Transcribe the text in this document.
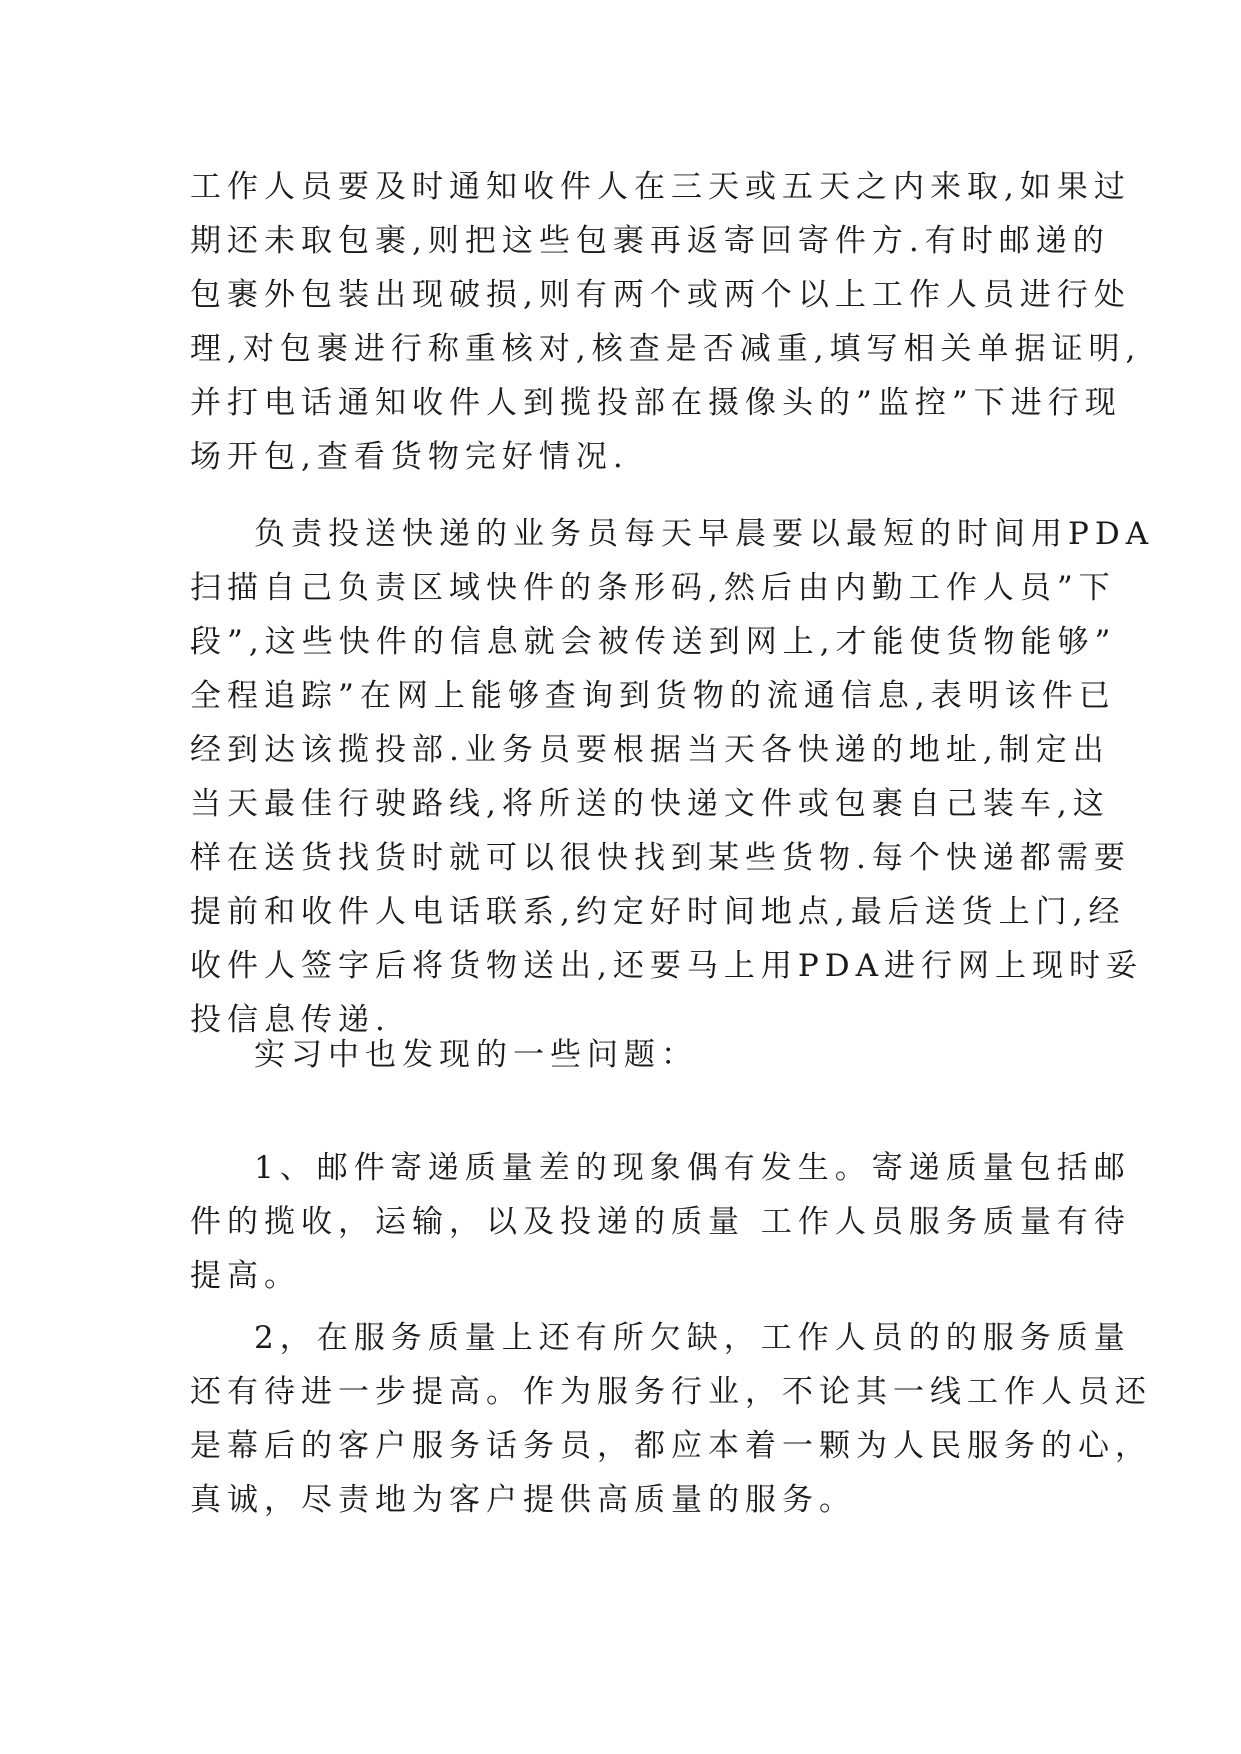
工作人员要及时通知收件人在三天或五天之内来取,如果过
期还未取包裹,则把这些包裹再返寄回寄件方.有时邮递的
包裹外包装出现破损,则有两个或两个以上工作人员进行处
理,对包裹进行称重核对,核查是否减重,填写相关单据证明,
并打电话通知收件人到揽投部在摄像头的”监控”下进行现
场开包,查看货物完好情况.
负责投送快递的业务员每天早晨要以最短的时间用PDA
扫描自己负责区域快件的条形码,然后由内勤工作人员”下
段”,这些快件的信息就会被传送到网上,才能使货物能够”
全程追踪”在网上能够查询到货物的流通信息,表明该件已
经到达该揽投部.业务员要根据当天各快递的地址,制定出
当天最佳行驶路线,将所送的快递文件或包裹自己装车,这
样在送货找货时就可以很快找到某些货物.每个快递都需要
提前和收件人电话联系,约定好时间地点,最后送货上门,经
收件人签字后将货物送出,还要马上用PDA进行网上现时妥
投信息传递.
实习中也发现的一些问题：
1、邮件寄递质量差的现象偶有发生。寄递质量包括邮
件的揽收，运输，以及投递的质量 工作人员服务质量有待
提高。
2，在服务质量上还有所欠缺，工作人员的的服务质量
还有待进一步提高。作为服务行业，不论其一线工作人员还
是幕后的客户服务话务员，都应本着一颗为人民服务的心，
真诚，尽责地为客户提供高质量的服务。
